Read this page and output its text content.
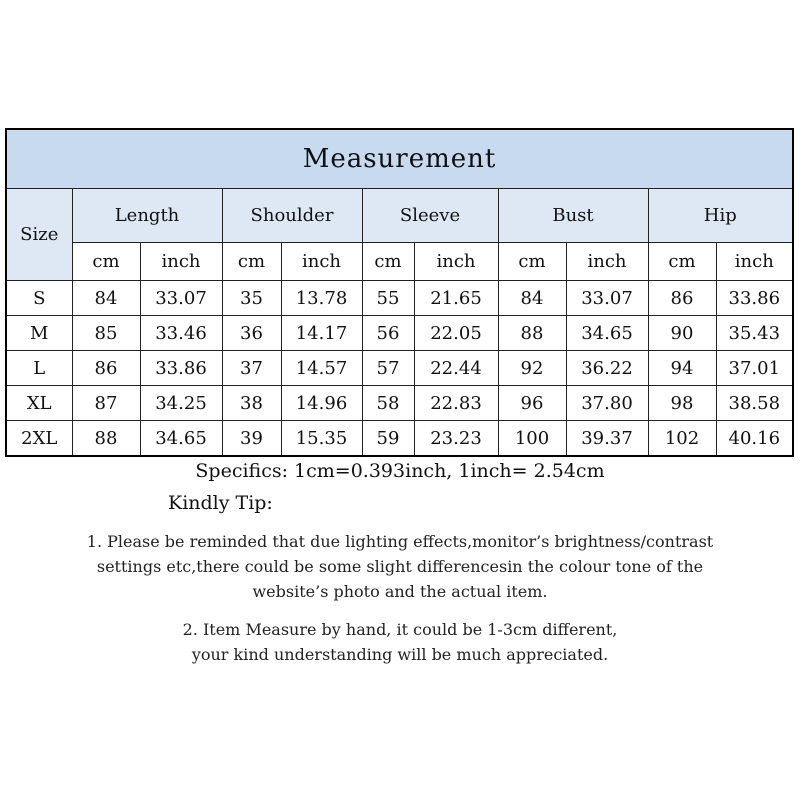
Measurement										
Size	Length		Shoulder		Sleeve		Bust		Hip	
	cm	inch	cm	inch	cm	inch	cm	inch	cm	inch
S	84	33.07	35	13.78	55	21.65	84	33.07	86	33.86
M	85	33.46	36	14.17	56	22.05	88	34.65	90	35.43
L	86	33.86	37	14.57	57	22.44	92	36.22	94	37.01
XL	87	34.25	38	14.96	58	22.83	96	37.80	98	38.58
2XL	88	34.65	39	15.35	59	23.23	100	39.37	102	40.16
Specifics: 1cm=0.393inch, 1inch= 2.54cm
Kindly Tip:
1. Please be reminded that due lighting effects,monitor’s brightness/contrast
settings etc,there could be some slight differencesin the colour tone of the
website’s photo and the actual item.
2. Item Measure by hand, it could be 1-3cm different,
your kind understanding will be much appreciated.
